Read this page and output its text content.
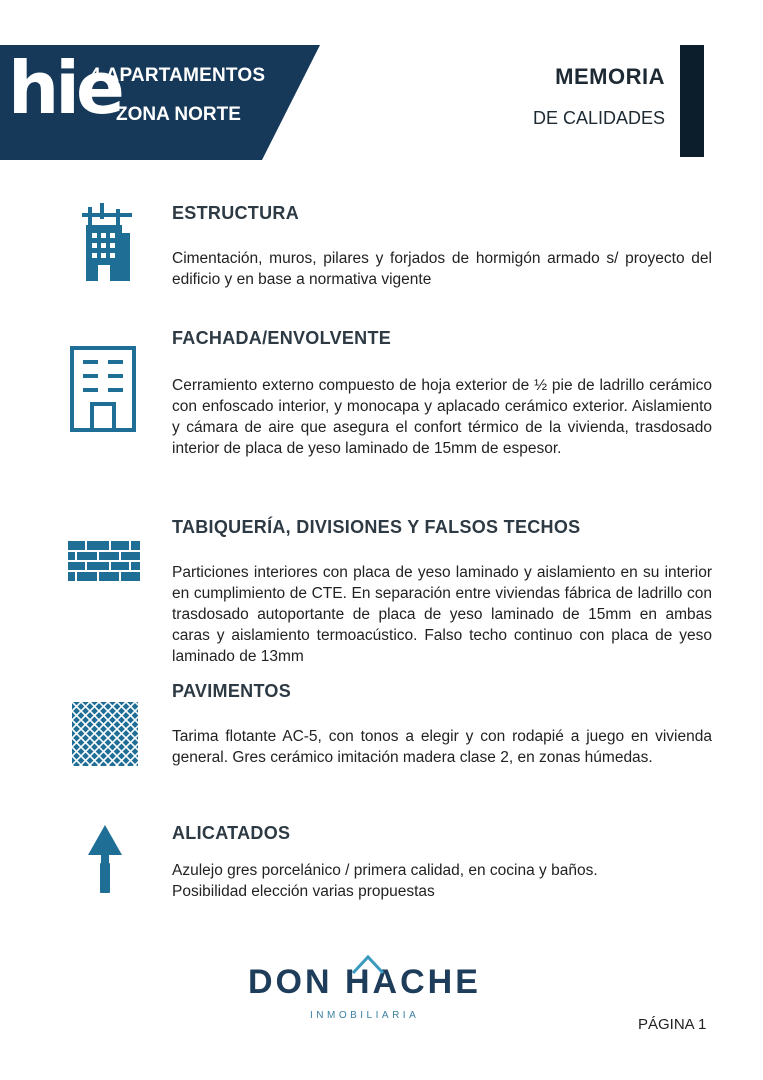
hie
4 APARTAMENTOS
ZONA NORTE
MEMORIA
DE CALIDADES

ESTRUCTURA

Cimentación, muros, pilares y forjados de hormigón armado s/ proyecto del edificio y en base a normativa vigente

FACHADA/ENVOLVENTE

Cerramiento externo compuesto de hoja exterior de ½ pie de ladrillo cerámico con enfoscado interior, y monocapa y aplacado cerámico exterior. Aislamiento y cámara de aire que asegura el confort térmico de la vivienda, trasdosado interior de placa de yeso laminado de 15mm de espesor.

TABIQUERÍA, DIVISIONES Y FALSOS TECHOS

Particiones interiores con placa de yeso laminado y aislamiento en su interior en cumplimiento de CTE. En separación entre viviendas fábrica de ladrillo con trasdosado autoportante de placa de yeso laminado de 15mm en ambas caras y aislamiento termoacústico. Falso techo continuo con placa de yeso laminado de 13mm

PAVIMENTOS

Tarima flotante AC-5, con tonos a elegir y con rodapié a juego en vivienda general. Gres cerámico imitación madera clase 2, en zonas húmedas.

ALICATADOS

Azulejo gres porcelánico / primera calidad, en cocina y baños.

Posibilidad elección varias propuestas

DON HACHE
INMOBILIARIA
PÁGINA 1
